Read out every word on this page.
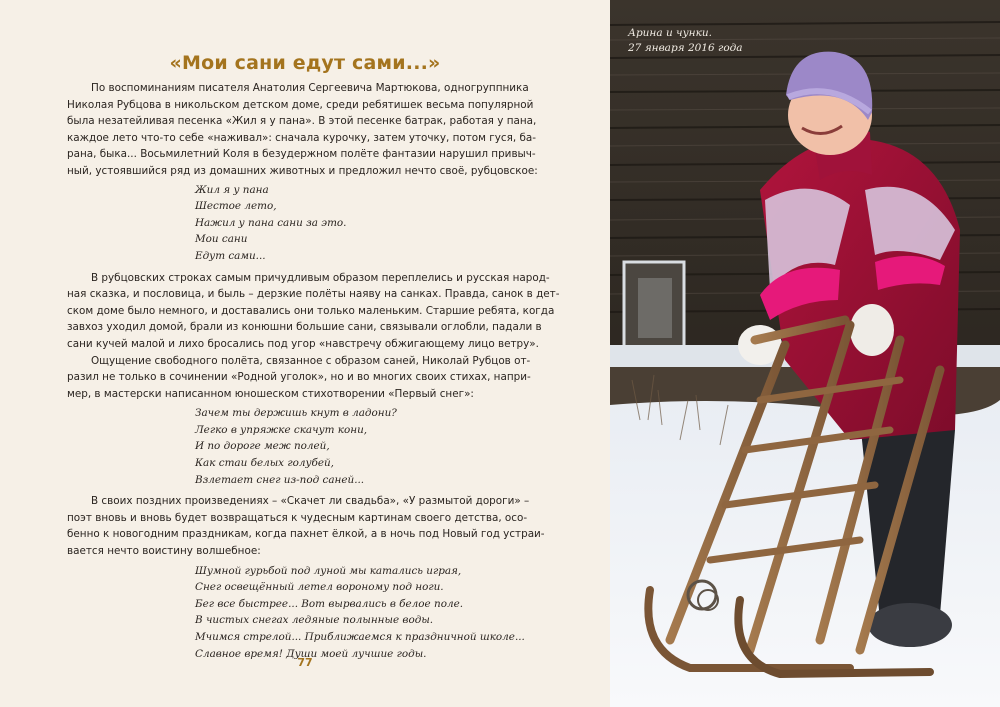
«Мои сани едут сами...»
По воспоминаниям писателя Анатолия Сергеевича Мартюкова, одногруппника
Николая Рубцова в никольском детском доме, среди ребятишек весьма популярной
была незатейливая песенка «Жил я у пана». В этой песенке батрак, работая у пана,
каждое лето что-то себе «наживал»: сначала курочку, затем уточку, потом гуся, ба-
рана, быка... Восьмилетний Коля в безудержном полёте фантазии нарушил привыч-
ный, устоявшийся ряд из домашних животных и предложил нечто своё, рубцовское:
Жил я у пана
Шестое лето,
Нажил у пана сани за это.
Мои сани
Едут сами...
В рубцовских строках самым причудливым образом переплелись и русская народ-
ная сказка, и пословица, и быль – дерзкие полёты наяву на санках. Правда, санок в дет-
ском доме было немного, и доставались они только маленьким. Старшие ребята, когда
завхоз уходил домой, брали из конюшни большие сани, связывали оглобли, падали в
сани кучей малой и лихо бросались под угор «навстречу обжигающему лицо ветру».
Ощущение свободного полёта, связанное с образом саней, Николай Рубцов от-
разил не только в сочинении «Родной уголок», но и во многих своих стихах, напри-
мер, в мастерски написанном юношеском стихотворении «Первый снег»:
Зачем ты держишь кнут в ладони?
Легко в упряжке скачут кони,
И по дороге меж полей,
Как стаи белых голубей,
Взлетает снег из-под саней...
В своих поздних произведениях – «Скачет ли свадьба», «У размытой дороги» –
поэт вновь и вновь будет возвращаться к чудесным картинам своего детства, осо-
бенно к новогодним праздникам, когда пахнет ёлкой, а в ночь под Новый год устраи-
вается нечто воистину волшебное:
Шумной гурьбой под луной мы катались играя,
Снег освещённый летел вороному под ноги.
Бег все быстрее... Вот вырвались в белое поле.
В чистых снегах ледяные полынные воды.
Мчимся стрелой... Приближаемся к праздничной школе...
Славное время! Души моей лучшие годы.
77
Арина и чунки.
27 января 2016 года
